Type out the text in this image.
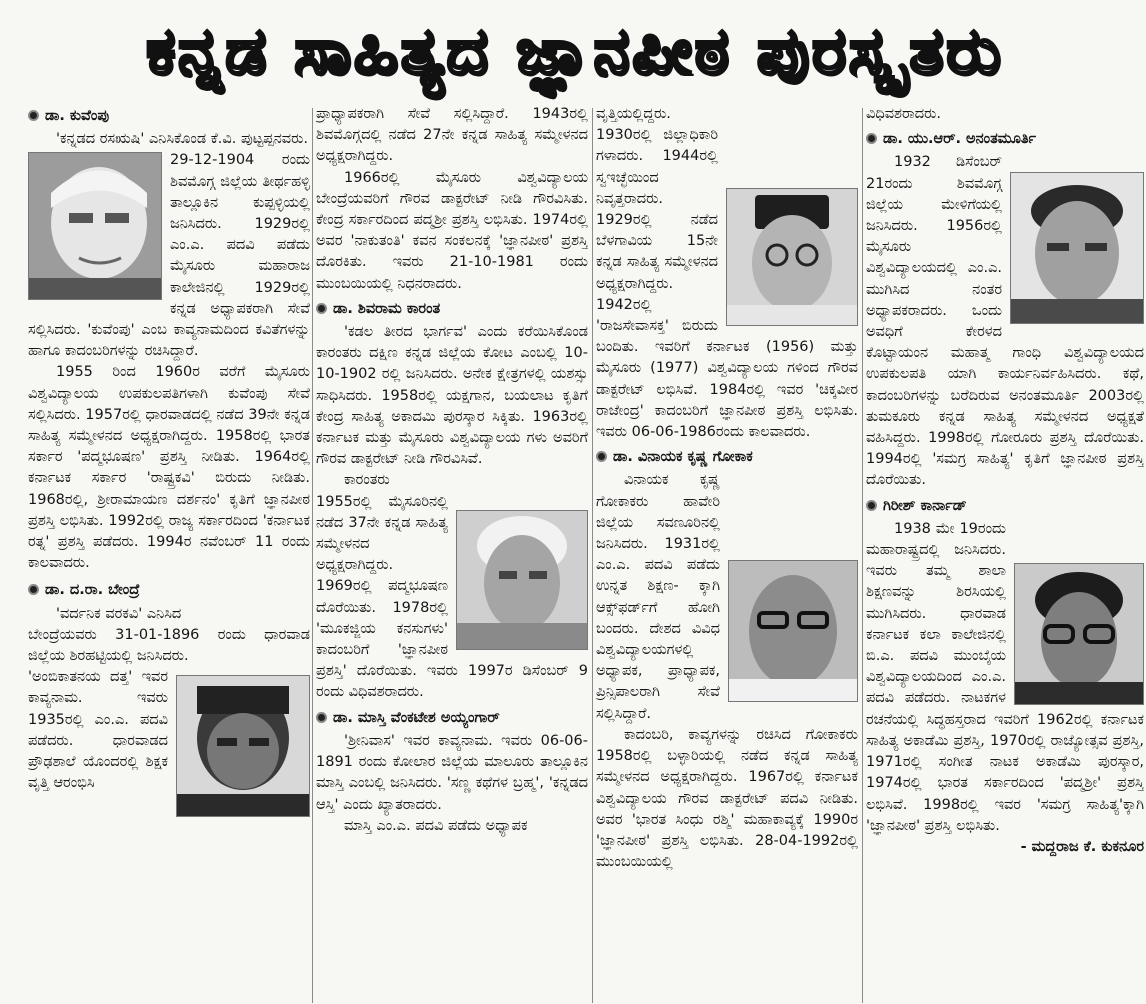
ಕನ್ನಡ ಸಾಹಿತ್ಯದ ಜ್ಞಾನಪೀಠ ಪುರಸ್ಕೃತರು
ಡಾ. ಕುವೆಂಪು

'ಕನ್ನಡದ ರಸಋಷಿ' ಎನಿಸಿಕೊಂಡ ಕೆ.ವಿ. ಪುಟ್ಟಪ್ಪನವರು.

29-12-1904 ರಂದು ಶಿವಮೊಗ್ಗ ಜಿಲ್ಲೆಯ ತೀರ್ಥಹಳ್ಳಿ ತಾಲ್ಲೂಕಿನ ಕುಪ್ಪಳ್ಳಿಯಲ್ಲಿ ಜನಿಸಿದರು. 1929ರಲ್ಲಿ ಎಂ.ಎ. ಪದವಿ ಪಡೆದು ಮೈಸೂರು ಮಹಾರಾಜ ಕಾಲೇಜಿನಲ್ಲಿ 1929ರಲ್ಲಿ ಕನ್ನಡ ಅಧ್ಯಾಪಕರಾಗಿ ಸೇವೆ ಸಲ್ಲಿಸಿದರು. 'ಕುವೆಂಪು' ಎಂಬ ಕಾವ್ಯನಾಮದಿಂದ ಕವಿತೆಗಳನ್ನು ಹಾಗೂ ಕಾದಂಬರಿಗಳನ್ನು ರಚಿಸಿದ್ದಾರೆ.

1955 ರಿಂದ 1960ರ ವರೆಗೆ ಮೈಸೂರು ವಿಶ್ವವಿದ್ಯಾಲಯ ಉಪಕುಲಪತಿಗಳಾಗಿ ಕುವೆಂಪು ಸೇವೆ ಸಲ್ಲಿಸಿದರು. 1957ರಲ್ಲಿ ಧಾರವಾಡದಲ್ಲಿ ನಡೆದ 39ನೇ ಕನ್ನಡ ಸಾಹಿತ್ಯ ಸಮ್ಮೇಳನದ ಅಧ್ಯಕ್ಷರಾಗಿದ್ದರು. 1958ರಲ್ಲಿ ಭಾರತ ಸರ್ಕಾರ 'ಪದ್ಮಭೂಷಣ' ಪ್ರಶಸ್ತಿ ನೀಡಿತು. 1964ರಲ್ಲಿ ಕರ್ನಾಟಕ ಸರ್ಕಾರ 'ರಾಷ್ಟ್ರಕವಿ' ಬಿರುದು ನೀಡಿತು. 1968ರಲ್ಲಿ, ಶ್ರೀರಾಮಾಯಣ ದರ್ಶನಂ' ಕೃತಿಗೆ ಜ್ಞಾನಪೀಠ ಪ್ರಶಸ್ತಿ ಲಭಿಸಿತು. 1992ರಲ್ಲಿ ರಾಜ್ಯ ಸರ್ಕಾರದಿಂದ 'ಕರ್ನಾಟಕ ರತ್ನ' ಪ್ರಶಸ್ತಿ ಪಡೆದರು. 1994ರ ನವೆಂಬರ್ 11 ರಂದು ಕಾಲವಾದರು.

ಡಾ. ದ.ರಾ. ಬೇಂದ್ರೆ

'ವರ್ದನಿಕ ವರಕವಿ' ಎನಿಸಿದ

ಬೇಂದ್ರೆಯವರು 31-01-1896 ರಂದು ಧಾರವಾಡ ಜಿಲ್ಲೆಯ ಶಿರಹಟ್ಟಿಯಲ್ಲಿ ಜನಿಸಿದರು.

'ಅಂಬಿಕಾತನಯ ದತ್ತ' ಇವರ ಕಾವ್ಯನಾಮ. ಇವರು 1935ರಲ್ಲಿ ಎಂ.ಎ. ಪದವಿ ಪಡೆದರು. ಧಾರವಾಡದ ಪ್ರೌಢಶಾಲೆ ಯೊಂದರಲ್ಲಿ ಶಿಕ್ಷಕ ವೃತ್ತಿ ಆರಂಭಿಸಿ

ಪ್ರಾಧ್ಯಾಪಕರಾಗಿ ಸೇವೆ ಸಲ್ಲಿಸಿದ್ದಾರೆ. 1943ರಲ್ಲಿ ಶಿವಮೊಗ್ಗದಲ್ಲಿ ನಡೆದ 27ನೇ ಕನ್ನಡ ಸಾಹಿತ್ಯ ಸಮ್ಮೇಳನದ ಅಧ್ಯಕ್ಷರಾಗಿದ್ದರು.

1966ರಲ್ಲಿ ಮೈಸೂರು ವಿಶ್ವವಿದ್ಯಾಲಯ ಬೇಂದ್ರೆಯವರಿಗೆ ಗೌರವ ಡಾಕ್ಟರೇಟ್ ನೀಡಿ ಗೌರವಿಸಿತು. ಕೇಂದ್ರ ಸರ್ಕಾರದಿಂದ ಪದ್ಮಶ್ರೀ ಪ್ರಶಸ್ತಿ ಲಭಿಸಿತು. 1974ರಲ್ಲಿ ಅವರ 'ನಾಕುತಂತಿ' ಕವನ ಸಂಕಲನಕ್ಕೆ 'ಜ್ಞಾನಪೀಠ' ಪ್ರಶಸ್ತಿ ದೊರಕಿತು. ಇವರು 21-10-1981 ರಂದು ಮುಂಬಯಿಯಲ್ಲಿ ನಿಧನರಾದರು.

ಡಾ. ಶಿವರಾಮ ಕಾರಂತ

'ಕಡಲ ತೀರದ ಭಾರ್ಗವ' ಎಂದು ಕರೆಯಿಸಿಕೊಂಡ ಕಾರಂತರು ದಕ್ಷಿಣ ಕನ್ನಡ ಜಿಲ್ಲೆಯ ಕೋಟ ಎಂಬಲ್ಲಿ 10-10-1902 ರಲ್ಲಿ ಜನಿಸಿದರು. ಅನೇಕ ಕ್ಷೇತ್ರಗಳಲ್ಲಿ ಯಶಸ್ಸು ಸಾಧಿಸಿದರು. 1958ರಲ್ಲಿ ಯಕ್ಷಗಾನ, ಬಯಲಾಟ ಕೃತಿಗೆ ಕೇಂದ್ರ ಸಾಹಿತ್ಯ ಅಕಾದಮಿ ಪುರಸ್ಕಾರ ಸಿಕ್ಕಿತು. 1963ರಲ್ಲಿ ಕರ್ನಾಟಕ ಮತ್ತು ಮೈಸೂರು ವಿಶ್ವವಿದ್ಯಾಲಯ ಗಳು ಅವರಿಗೆ ಗೌರವ ಡಾಕ್ಟರೇಟ್ ನೀಡಿ ಗೌರವಿಸಿವೆ.

ಕಾರಂತರು 1955ರಲ್ಲಿ ಮೈಸೂರಿನಲ್ಲಿ ನಡೆದ 37ನೇ ಕನ್ನಡ ಸಾಹಿತ್ಯ ಸಮ್ಮೇಳನದ ಅಧ್ಯಕ್ಷರಾಗಿದ್ದರು. 1969ರಲ್ಲಿ ಪದ್ಮಭೂಷಣ ದೊರೆಯಿತು. 1978ರಲ್ಲಿ 'ಮೂಕಜ್ಜಿಯ ಕನಸುಗಳು' ಕಾದಂಬರಿಗೆ 'ಜ್ಞಾನಪೀಠ ಪ್ರಶಸ್ತಿ' ದೊರೆಯಿತು. ಇವರು 1997ರ ಡಿಸೆಂಬರ್ 9 ರಂದು ವಿಧಿವಶರಾದರು.

ಡಾ. ಮಾಸ್ತಿ ವೆಂಕಟೇಶ ಅಯ್ಯಂಗಾರ್

'ಶ್ರೀನಿವಾಸ' ಇವರ ಕಾವ್ಯನಾಮ. ಇವರು 06-06-1891 ರಂದು ಕೋಲಾರ ಜಿಲ್ಲೆಯ ಮಾಲೂರು ತಾಲ್ಲೂಕಿನ ಮಾಸ್ತಿ ಎಂಬಲ್ಲಿ ಜನಿಸಿದರು. 'ಸಣ್ಣ ಕಥೆಗಳ ಬ್ರಹ್ಮ', 'ಕನ್ನಡದ ಆಸ್ತಿ' ಎಂದು ಖ್ಯಾತರಾದರು.

ಮಾಸ್ತಿ ಎಂ.ಎ. ಪದವಿ ಪಡೆದು ಅಧ್ಯಾಪಕ

ವೃತ್ತಿಯಲ್ಲಿದ್ದರು. 1930ರಲ್ಲಿ ಜಿಲ್ಲಾಧಿಕಾರಿ ಗಳಾದರು. 1944ರಲ್ಲಿ ಸ್ವಇಚ್ಛೆಯಿಂದ ನಿವೃತ್ತರಾದರು. 1929ರಲ್ಲಿ ನಡೆದ ಬೆಳಗಾವಿಯ 15ನೇ ಕನ್ನಡ ಸಾಹಿತ್ಯ ಸಮ್ಮೇಳನದ ಅಧ್ಯಕ್ಷರಾಗಿದ್ದರು. 1942ರಲ್ಲಿ 'ರಾಜಸೇವಾಸಕ್ತ' ಬಿರುದು ಬಂದಿತು. ಇವರಿಗೆ ಕರ್ನಾಟಕ (1956) ಮತ್ತು ಮೈಸೂರು (1977) ವಿಶ್ವವಿದ್ಯಾಲಯ ಗಳಿಂದ ಗೌರವ ಡಾಕ್ಟರೇಟ್ ಲಭಿಸಿವೆ. 1984ರಲ್ಲಿ ಇವರ 'ಚಿಕ್ಕವೀರ ರಾಜೇಂದ್ರ' ಕಾದಂಬರಿಗೆ ಜ್ಞಾನಪೀಠ ಪ್ರಶಸ್ತಿ ಲಭಿಸಿತು. ಇವರು 06-06-1986ರಂದು ಕಾಲವಾದರು.

ಡಾ. ವಿನಾಯಕ ಕೃಷ್ಣ ಗೋಕಾಕ

ವಿನಾಯಕ ಕೃಷ್ಣ ಗೋಕಾಕರು ಹಾವೇರಿ ಜಿಲ್ಲೆಯ ಸವಣೂರಿನಲ್ಲಿ ಜನಿಸಿದರು. 1931ರಲ್ಲಿ ಎಂ.ಎ. ಪದವಿ ಪಡೆದು ಉನ್ನತ ಶಿಕ್ಷಣ- ಕ್ಕಾಗಿ ಆಕ್ಸ್‌ಫರ್ಡ್‌ಗೆ ಹೋಗಿ ಬಂದರು. ದೇಶದ ವಿವಿಧ ವಿಶ್ವವಿದ್ಯಾಲಯಗಳಲ್ಲಿ ಅಧ್ಯಾಪಕ, ಪ್ರಾಧ್ಯಾಪಕ, ಪ್ರಿನ್ಸಿಪಾಲರಾಗಿ ಸೇವೆ ಸಲ್ಲಿಸಿದ್ದಾರೆ.

ಕಾದಂಬರಿ, ಕಾವ್ಯಗಳನ್ನು ರಚಿಸಿದ ಗೋಕಾಕರು 1958ರಲ್ಲಿ ಬಳ್ಳಾರಿಯಲ್ಲಿ ನಡೆದ ಕನ್ನಡ ಸಾಹಿತ್ಯ ಸಮ್ಮೇಳನದ ಅಧ್ಯಕ್ಷರಾಗಿದ್ದರು. 1967ರಲ್ಲಿ ಕರ್ನಾಟಕ ವಿಶ್ವವಿದ್ಯಾಲಯ ಗೌರವ ಡಾಕ್ಟರೇಟ್ ಪದವಿ ನೀಡಿತು. ಅವರ 'ಭಾರತ ಸಿಂಧು ರಶ್ಮಿ' ಮಹಾಕಾವ್ಯಕ್ಕೆ 1990ರ 'ಜ್ಞಾನಪೀಠ' ಪ್ರಶಸ್ತಿ ಲಭಿಸಿತು. 28-04-1992ರಲ್ಲಿ ಮುಂಬಯಿಯಲ್ಲಿ

ವಿಧಿವಶರಾದರು.

ಡಾ. ಯು.ಆರ್. ಅನಂತಮೂರ್ತಿ

1932 ಡಿಸೆಂಬರ್ 21ರಂದು ಶಿವಮೊಗ್ಗ ಜಿಲ್ಲೆಯ ಮೇಳಿಗೆಯಲ್ಲಿ ಜನಿಸಿದರು. 1956ರಲ್ಲಿ ಮೈಸೂರು ವಿಶ್ವವಿದ್ಯಾಲಯದಲ್ಲಿ ಎಂ.ಎ. ಮುಗಿಸಿದ ನಂತರ ಅಧ್ಯಾಪಕರಾದರು. ಒಂದು ಅವಧಿಗೆ ಕೇರಳದ ಕೊಟ್ಟಾಯಂನ ಮಹಾತ್ಮ ಗಾಂಧಿ ವಿಶ್ವವಿದ್ಯಾಲಯದ ಉಪಕುಲಪತಿ ಯಾಗಿ ಕಾರ್ಯನಿರ್ವಹಿಸಿದರು. ಕಥೆ, ಕಾದಂಬರಿಗಳನ್ನು ಬರೆದಿರುವ ಅನಂತಮೂರ್ತಿ 2003ರಲ್ಲಿ ತುಮಕೂರು ಕನ್ನಡ ಸಾಹಿತ್ಯ ಸಮ್ಮೇಳನದ ಅಧ್ಯಕ್ಷತೆ ವಹಿಸಿದ್ದರು. 1998ರಲ್ಲಿ ಗೋರೂರು ಪ್ರಶಸ್ತಿ ದೊರೆಯಿತು. 1994ರಲ್ಲಿ 'ಸಮಗ್ರ ಸಾಹಿತ್ಯ' ಕೃತಿಗೆ ಜ್ಞಾನಪೀಠ ಪ್ರಶಸ್ತಿ ದೊರೆಯಿತು.

ಗಿರೀಶ್ ಕಾರ್ನಾಡ್

1938 ಮೇ 19ರಂದು ಮಹಾರಾಷ್ಟ್ರದಲ್ಲಿ ಜನಿಸಿದರು. ಇವರು ತಮ್ಮ ಶಾಲಾ ಶಿಕ್ಷಣವನ್ನು ಶಿರಸಿಯಲ್ಲಿ ಮುಗಿಸಿದರು. ಧಾರವಾಡ ಕರ್ನಾಟಕ ಕಲಾ ಕಾಲೇಜಿನಲ್ಲಿ ಬಿ.ಎ. ಪದವಿ ಮುಂಬೈಯ ವಿಶ್ವವಿದ್ಯಾಲಯದಿಂದ ಎಂ.ಎ. ಪದವಿ ಪಡೆದರು. ನಾಟಕಗಳ ರಚನೆಯಲ್ಲಿ ಸಿದ್ಧಹಸ್ತರಾದ ಇವರಿಗೆ 1962ರಲ್ಲಿ ಕರ್ನಾಟಕ ಸಾಹಿತ್ಯ ಅಕಾಡೆಮಿ ಪ್ರಶಸ್ತಿ, 1970ರಲ್ಲಿ ರಾಜ್ಯೋತ್ಸವ ಪ್ರಶಸ್ತಿ, 1971ರಲ್ಲಿ ಸಂಗೀತ ನಾಟಕ ಅಕಾಡೆಮಿ ಪುರಸ್ಕಾರ, 1974ರಲ್ಲಿ ಭಾರತ ಸರ್ಕಾರದಿಂದ 'ಪದ್ಮಶ್ರೀ' ಪ್ರಶಸ್ತಿ ಲಭಿಸಿವೆ. 1998ರಲ್ಲಿ ಇವರ 'ಸಮಗ್ರ ಸಾಹಿತ್ಯ'ಕ್ಕಾಗಿ 'ಜ್ಞಾನಪೀಠ' ಪ್ರಶಸ್ತಿ ಲಭಿಸಿತು.

- ಮದ್ದರಾಜ ಕೆ. ಕುಕನೂರ
